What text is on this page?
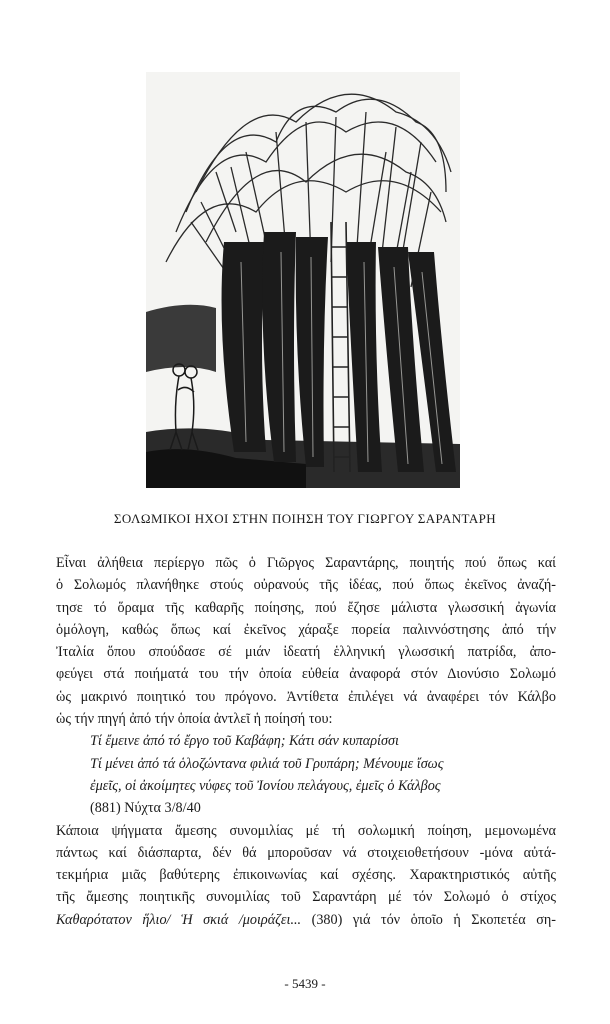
ΣΟΛΩΜΙΚΟΙ ΗΧΟΙ ΣΤΗΝ ΠΟΙΗΣΗ ΤΟΥ ΓΙΩΡΓΟΥ ΣΑΡΑΝΤΑΡΗ
Εἶναι ἀλήθεια περίεργο πῶς ὁ Γιῶργος Σαραντάρης, ποιητής πού ὅπως καί
ὁ Σολωμός πλανήθηκε στούς οὐρανούς τῆς ἰδέας, πού ὅπως ἐκεῖνος ἀναζή-
τησε τό ὅραμα τῆς καθαρῆς ποίησης, πού ἔζησε μάλιστα γλωσσική ἀγωνία
ὁμόλογη, καθώς ὅπως καί ἐκεῖνος χάραξε πορεία παλιννόστησης ἀπό τήν
Ἰταλία ὅπου σπούδασε σέ μιάν ἰδεατή ἑλληνική γλωσσική πατρίδα, ἀπο-
φεύγει στά ποιήματά του τήν ὁποία εὐθεία ἀναφορά στόν Διονύσιο Σολωμό
ὡς μακρινό ποιητικό του πρόγονο. Ἀντίθετα ἐπιλέγει νά ἀναφέρει τόν Κάλβο
ὡς τήν πηγή ἀπό τήν ὁποία ἀντλεῖ ἡ ποίησή του:
Τί ἔμεινε ἀπό τό ἔργο τοῦ Καβάφη; Κάτι σάν κυπαρίσσι
Τί μένει ἀπό τά ὁλοζώντανα φιλιά τοῦ Γρυπάρη; Μένουμε ἴσως
ἐμεῖς, οἱ ἀκοίμητες νύφες τοῦ Ἰονίου πελάγους, ἐμεῖς ὁ Κάλβος
(881) Νύχτα 3/8/40
Κάποια ψήγματα ἄμεσης συνομιλίας μέ τή σολωμική ποίηση, μεμονωμένα
πάντως καί διάσπαρτα, δέν θά μποροῦσαν νά στοιχειοθετήσουν -μόνα αὐτά-
τεκμήρια μιᾶς βαθύτερης ἐπικοινωνίας καί σχέσης. Χαρακτηριστικός αὐτῆς
τῆς ἄμεσης ποιητικῆς συνομιλίας τοῦ Σαραντάρη μέ τόν Σολωμό ὁ στίχος
Καθαρότατον ἥλιο/ Ἡ σκιά /μοιράζει... (380) γιά τόν ὁποῖο ἡ Σκοπετέα ση-
- 5439 -
